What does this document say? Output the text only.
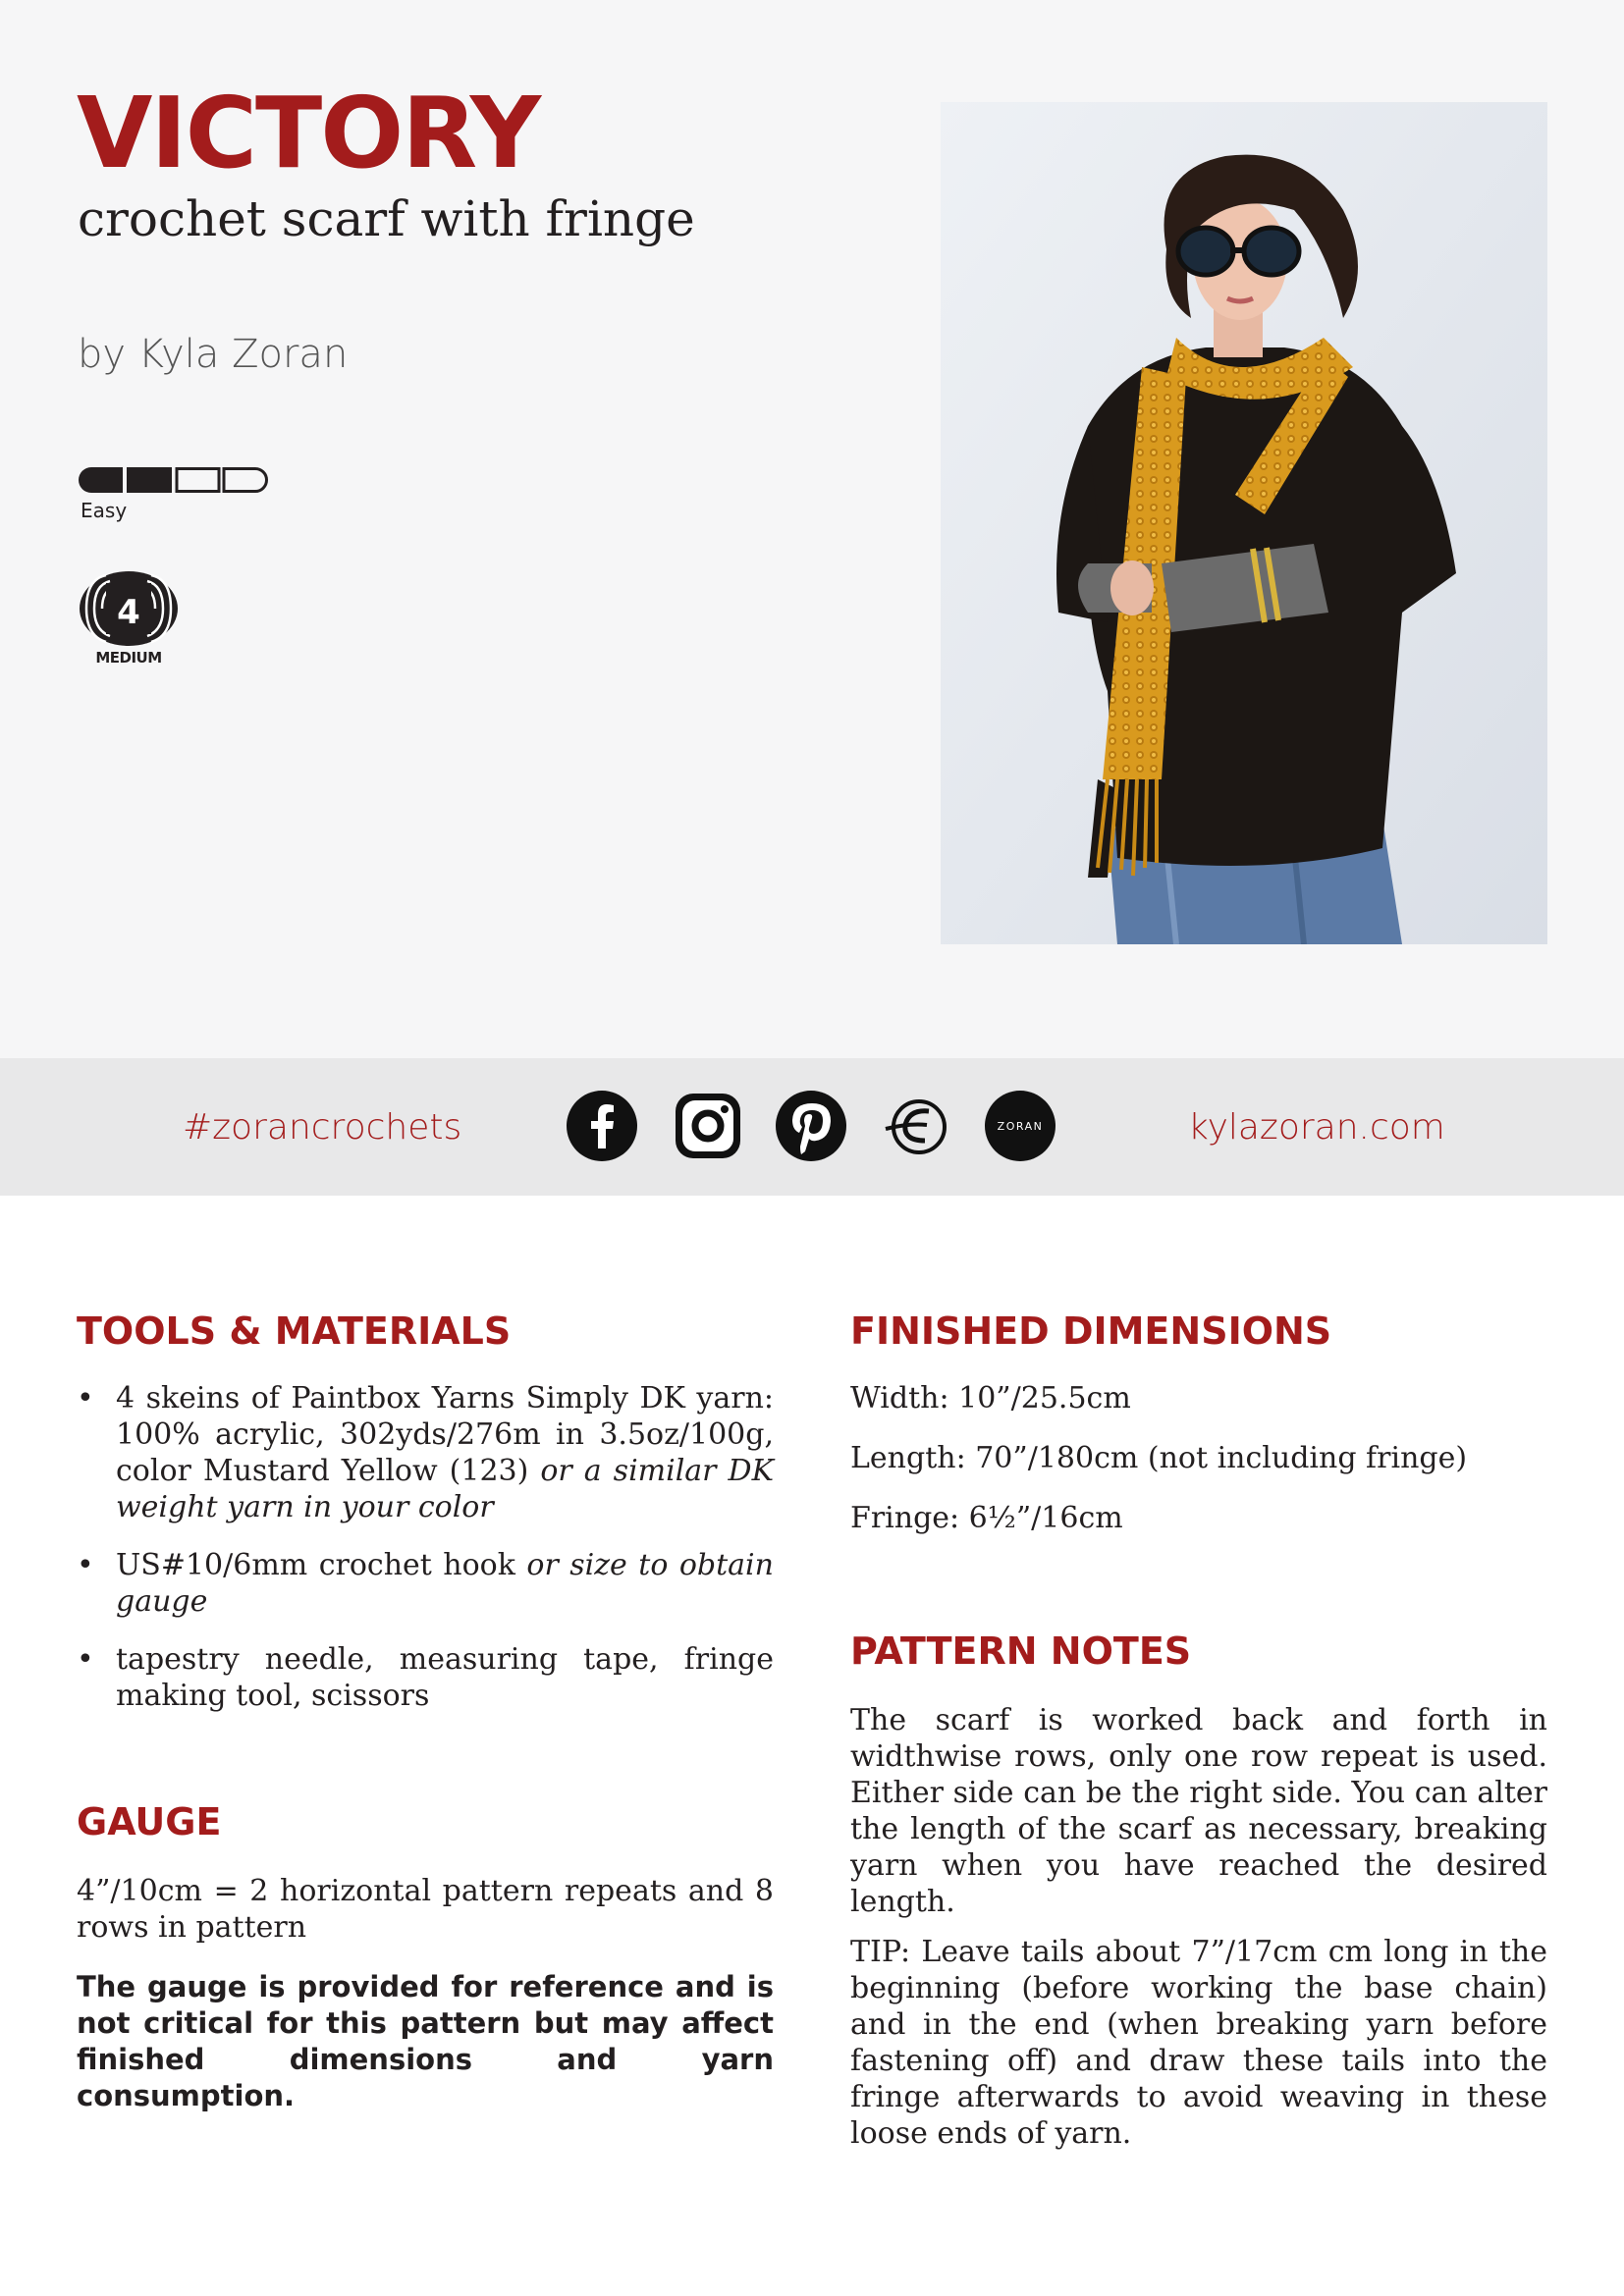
VICTORY
crochet scarf with fringe
by Kyla Zoran
Easy
4
MEDIUM
#zorancrochets	ZORAN	kylazoran.com
TOOLS & MATERIALS
• 4 skeins of Paintbox Yarns Simply DK yarn: 100% acrylic, 302yds/276m in 3.5oz/100g, color Mustard Yellow (123) or a similar DK weight yarn in your color
• US#10/6mm crochet hook or size to obtain gauge
• tapestry needle, measuring tape, fringe making tool, scissors
GAUGE
4”/10cm = 2 horizontal pattern repeats and 8 rows in pattern
The gauge is provided for reference and is not critical for this pattern but may affect finished dimensions and yarn consumption.
FINISHED DIMENSIONS
Width: 10”/25.5cm
Length: 70”/180cm (not including fringe)
Fringe: 6½”/16cm
PATTERN NOTES

The scarf is worked back and forth in widthwise rows, only one row repeat is used. Either side can be the right side. You can alter the length of the scarf as necessary, breaking yarn when you have reached the desired length.

TIP: Leave tails about 7”/17cm cm long in the beginning (before working the base chain) and in the end (when breaking yarn before fastening off) and draw these tails into the fringe afterwards to avoid weaving in these loose ends of yarn.
